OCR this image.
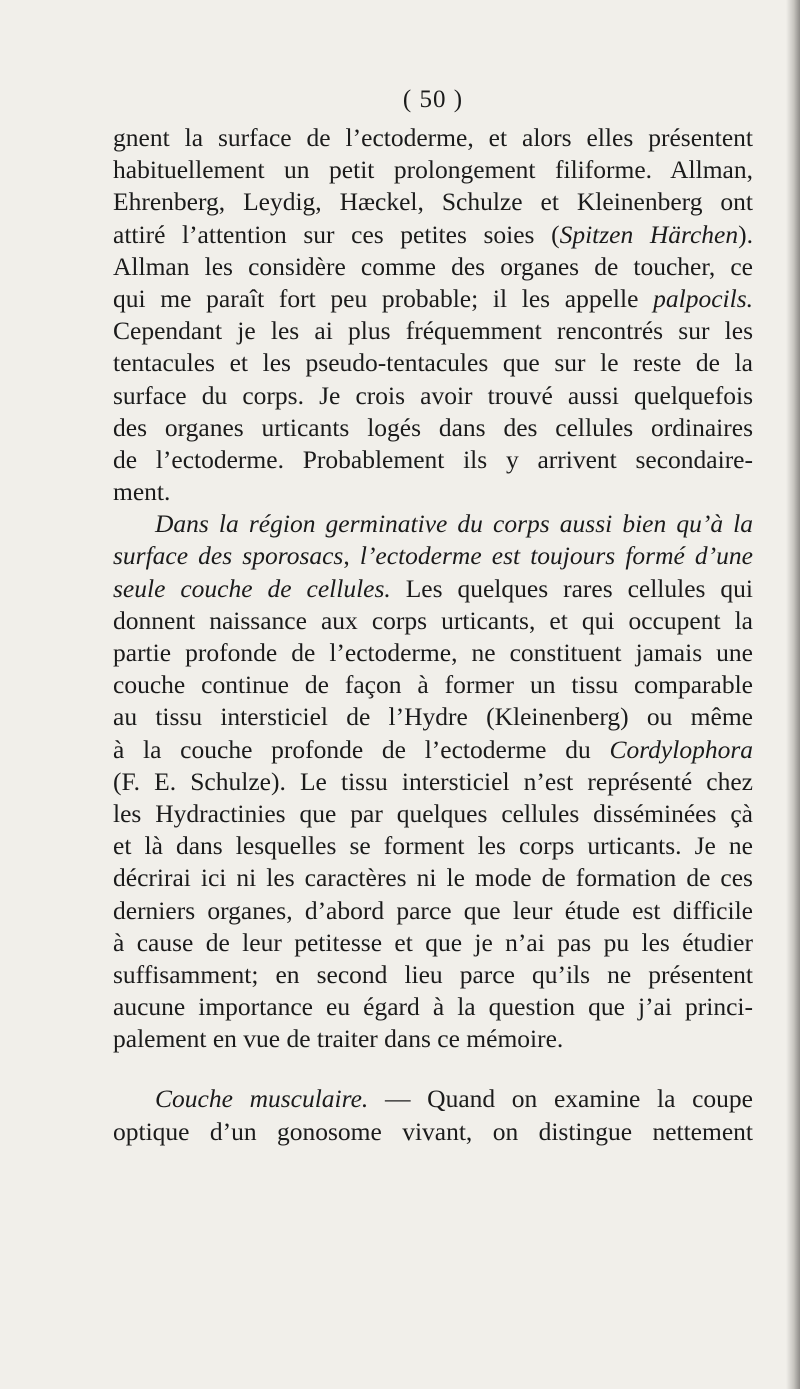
( 50 )
gnent la surface de l’ectoderme, et alors elles présentent
habituellement un petit prolongement filiforme. Allman,
Ehrenberg, Leydig, Hæckel, Schulze et Kleinenberg ont
attiré l’attention sur ces petites soies (Spitzen Härchen).
Allman les considère comme des organes de toucher, ce
qui me paraît fort peu probable; il les appelle palpocils.
Cependant je les ai plus fréquemment rencontrés sur les
tentacules et les pseudo-tentacules que sur le reste de la
surface du corps. Je crois avoir trouvé aussi quelquefois
des organes urticants logés dans des cellules ordinaires
de l’ectoderme. Probablement ils y arrivent secondaire-
ment.
Dans la région germinative du corps aussi bien qu’à la
surface des sporosacs, l’ectoderme est toujours formé d’une
seule couche de cellules. Les quelques rares cellules qui
donnent naissance aux corps urticants, et qui occupent la
partie profonde de l’ectoderme, ne constituent jamais une
couche continue de façon à former un tissu comparable
au tissu intersticiel de l’Hydre (Kleinenberg) ou même
à la couche profonde de l’ectoderme du Cordylophora
(F. E. Schulze). Le tissu intersticiel n’est représenté chez
les Hydractinies que par quelques cellules disséminées çà
et là dans lesquelles se forment les corps urticants. Je ne
décrirai ici ni les caractères ni le mode de formation de ces
derniers organes, d’abord parce que leur étude est difficile
à cause de leur petitesse et que je n’ai pas pu les étudier
suffisamment; en second lieu parce qu’ils ne présentent
aucune importance eu égard à la question que j’ai princi-
palement en vue de traiter dans ce mémoire.
Couche musculaire. — Quand on examine la coupe
optique d’un gonosome vivant, on distingue nettement
